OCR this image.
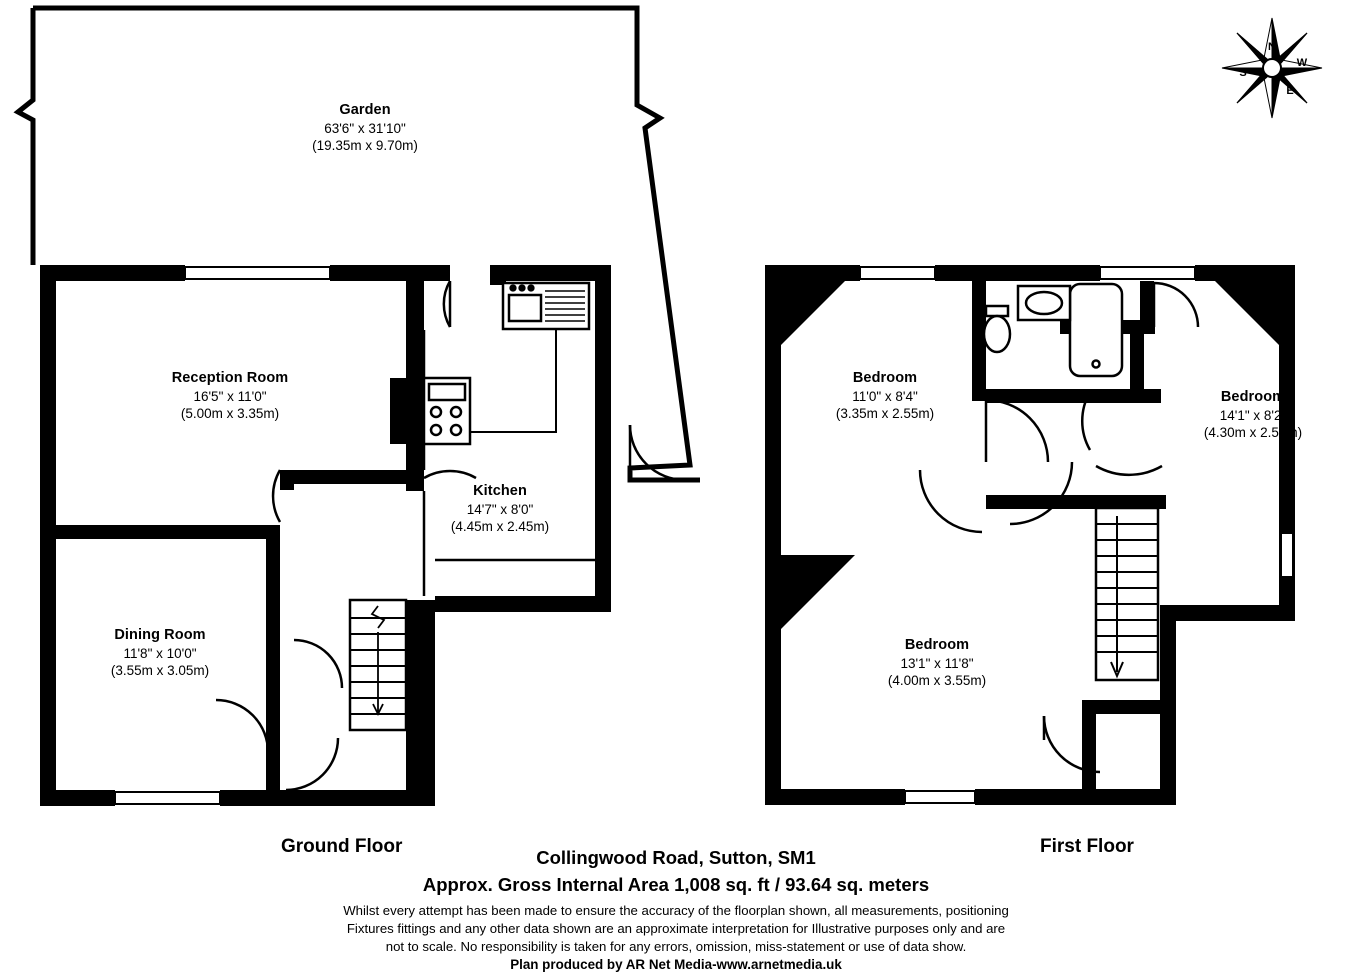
N
E
S
W
Garden
63'6" x 31'10"
(19.35m x 9.70m)
Reception Room
16'5" x 11'0"
(5.00m x 3.35m)
Kitchen
14'7" x 8'0"
(4.45m x 2.45m)
Dining Room
11'8" x 10'0"
(3.55m x 3.05m)
Bedroom
11'0" x 8'4"
(3.35m x 2.55m)
Bedroom
14'1" x 8'2"
(4.30m x 2.50m)
Bedroom
13'1" x 11'8"
(4.00m x 3.55m)
Ground Floor	First Floor
Collingwood Road, Sutton, SM1
Approx. Gross Internal Area 1,008 sq. ft / 93.64 sq. meters
Whilst every attempt has been made to ensure the accuracy of the floorplan shown, all measurements, positioning
Fixtures fittings and any other data shown are an approximate interpretation for Illustrative purposes only and are
not to scale. No responsibility is taken for any errors, omission, miss-statement or use of data show.
Plan produced by AR Net Media-www.arnetmedia.uk
